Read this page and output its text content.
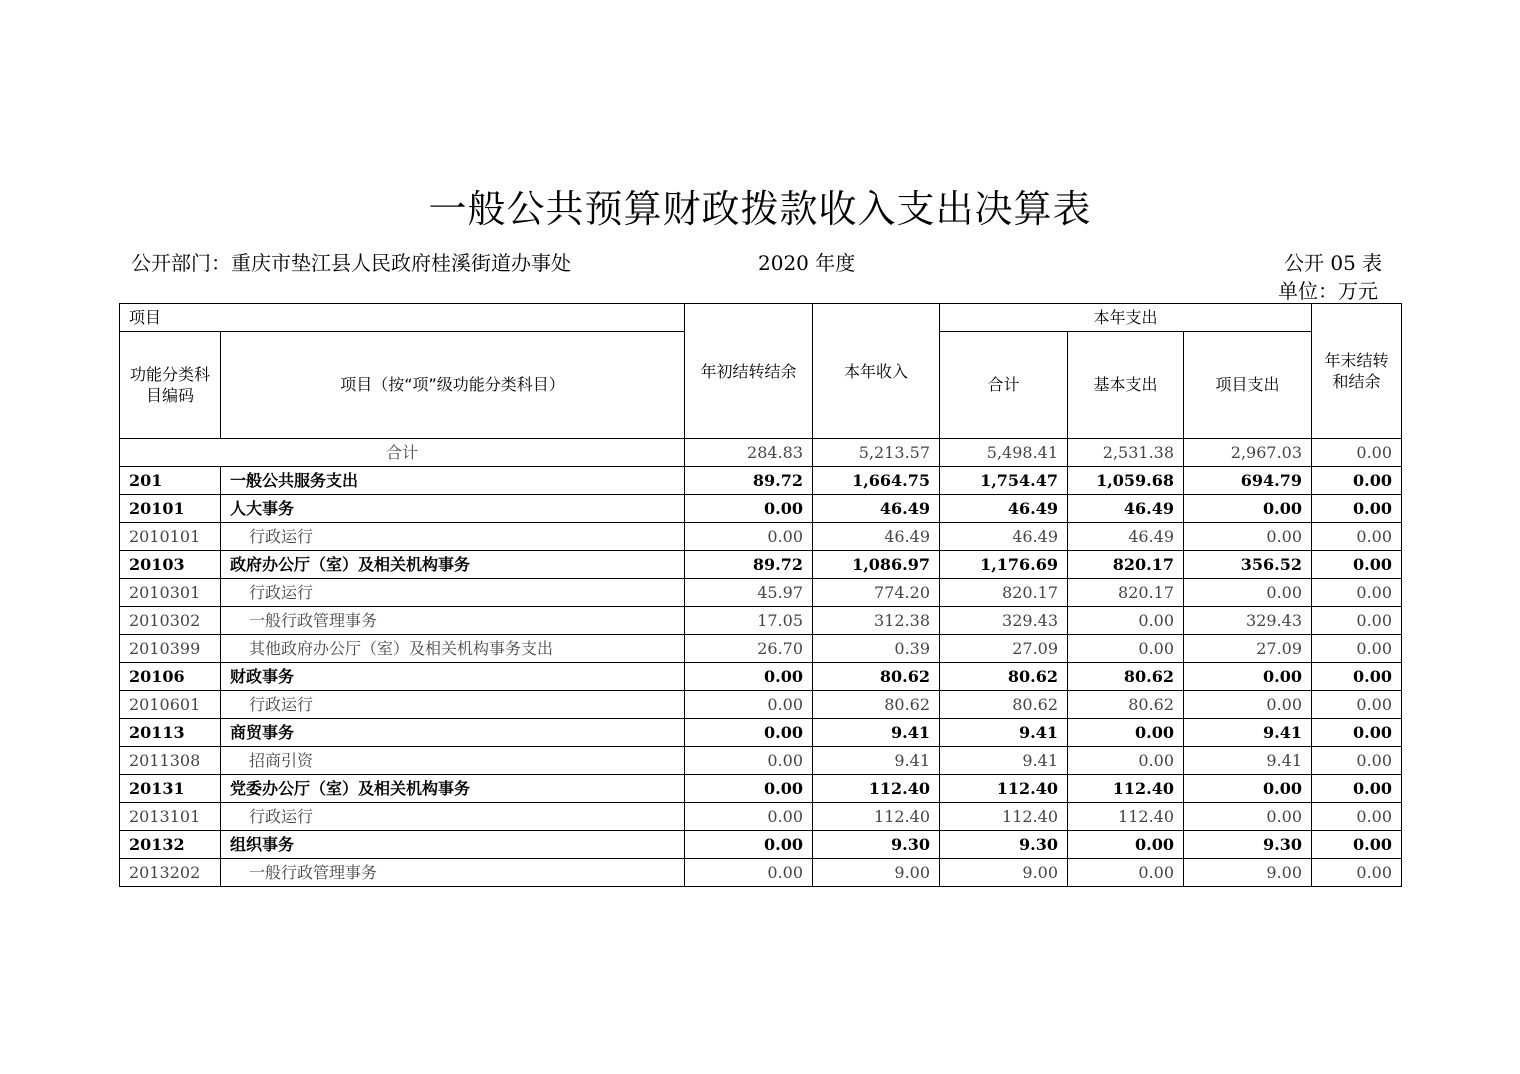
一般公共预算财政拨款收入支出决算表
公开部门：重庆市垫江县人民政府桂溪街道办事处	2020 年度	公开 05 表
单位：万元
项目		年初结转结余	本年收入	本年支出			年末结转和结余
功能分类科目编码	项目（按“项”级功能分类科目）			合计	基本支出	项目支出	
合计		284.83	5,213.57	5,498.41	2,531.38	2,967.03	0.00
201	一般公共服务支出	89.72	1,664.75	1,754.47	1,059.68	694.79	0.00
20101	人大事务	0.00	46.49	46.49	46.49	0.00	0.00
2010101	行政运行	0.00	46.49	46.49	46.49	0.00	0.00
20103	政府办公厅（室）及相关机构事务	89.72	1,086.97	1,176.69	820.17	356.52	0.00
2010301	行政运行	45.97	774.20	820.17	820.17	0.00	0.00
2010302	一般行政管理事务	17.05	312.38	329.43	0.00	329.43	0.00
2010399	其他政府办公厅（室）及相关机构事务支出	26.70	0.39	27.09	0.00	27.09	0.00
20106	财政事务	0.00	80.62	80.62	80.62	0.00	0.00
2010601	行政运行	0.00	80.62	80.62	80.62	0.00	0.00
20113	商贸事务	0.00	9.41	9.41	0.00	9.41	0.00
2011308	招商引资	0.00	9.41	9.41	0.00	9.41	0.00
20131	党委办公厅（室）及相关机构事务	0.00	112.40	112.40	112.40	0.00	0.00
2013101	行政运行	0.00	112.40	112.40	112.40	0.00	0.00
20132	组织事务	0.00	9.30	9.30	0.00	9.30	0.00
2013202	一般行政管理事务	0.00	9.00	9.00	0.00	9.00	0.00
